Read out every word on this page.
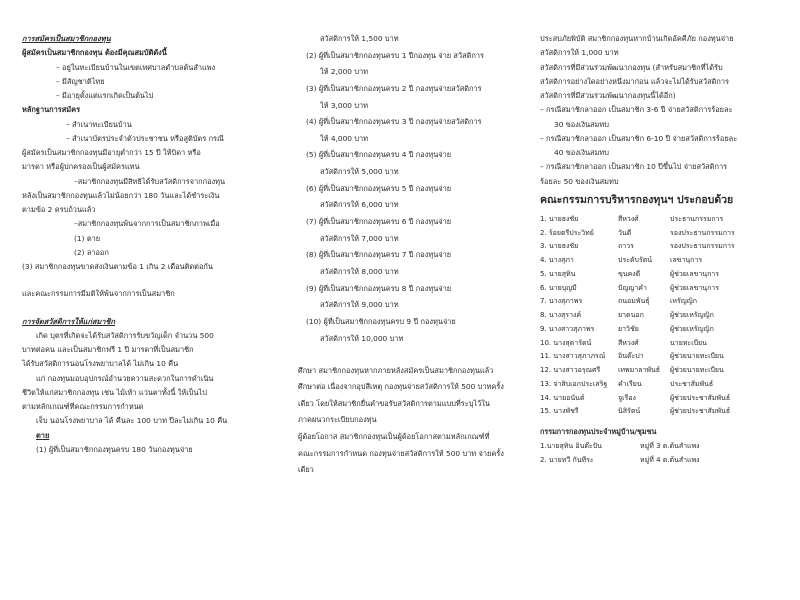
การสมัครเป็นสมาชิกกองทุน
ผู้สมัครเป็นสมาชิกกองทุน ต้องมีคุณสมบัติดังนี้
– อยู่ในทะเบียนบ้านในเขตเทศบาลตำบลต้นสำแพง
– มีสัญชาติไทย
– มีอายุตั้งแต่แรกเกิดเป็นต้นไป
หลักฐานการสมัคร
– สำเนาทะเบียนบ้าน
– สำเนาบัตรประจำตัวประชาชน หรือสูติบัตร กรณี
ผู้สมัครเป็นสมาชิกกองทุนมีอายุต่ำกว่า 15 ปี ให้บิดา หรือ
มารดา หรือผู้ปกครองเป็นผู้สมัครแทน
–สมาชิกกองทุนมีสิทธิได้รับสวัสดิการจากกองทุน
หลังเป็นสมาชิกกองทุนแล้วไม่น้อยกว่า 180 วันและได้ชำระเงิน
ตามข้อ 2 ครบถ้วนแล้ว
–สมาชิกกองทุนพ้นจากการเป็นสมาชิกภาพเมื่อ
(1) ตาย
(2) ลาออก
(3) สมาชิกกองทุนขาดส่งเงินตามข้อ 1 เกิน 2 เดือนติดต่อกัน
และคณะกรรมการมีมติให้พ้นจากการเป็นสมาชิก
การจัดสวัสดิการให้แก่สมาชิก
เกิด บุตรที่เกิดจะได้รับสวัสดิการรับขวัญเด็ก จำนวน 500
บาทต่อคน และเป็นสมาชิกฟรี 1 ปี มารดาที่เป็นสมาชิก
ได้รับสวัสดิการนอนโรงพยาบาลได้ ไม่เกิน 10 คืน
แก่ กองทุนมอบอุปกรณ์อำนวยความสะดวกในการดำเนิน
ชีวิตให้แก่สมาชิกกองทุน เช่น ไม้เท้า แว่นตาทั้งนี้ ให้เป็นไป
ตามหลักเกณฑ์ที่คณะกรรมการกำหนด
เจ็บ นอนโรงพยาบาล ได้ คืนละ 100 บาท ปีละไม่เกิน 10 คืน
ตาย
(1) ผู้ที่เป็นสมาชิกกองทุนครบ 180 วันกองทุนจ่าย
สวัสดิการให้ 1,500 บาท
(2) ผู้ที่เป็นสมาชิกกองทุนครบ 1 ปีกองทุน จ่าย สวัสดิการ
ให้ 2,000 บาท
(3) ผู้ที่เป็นสมาชิกกองทุนครบ 2 ปี กองทุนจ่ายสวัสดิการ
ให้ 3,000 บาท
(4) ผู้ที่เป็นสมาชิกกองทุนครบ 3 ปี กองทุนจ่ายสวัสดิการ
ให้ 4,000 บาท
(5) ผู้ที่เป็นสมาชิกกองทุนครบ 4 ปี กองทุนจ่าย
สวัสดิการให้ 5,000 บาท
(6) ผู้ที่เป็นสมาชิกกองทุนครบ 5 ปี กองทุนจ่าย
สวัสดิการให้ 6,000 บาท
(7) ผู้ที่เป็นสมาชิกกองทุนครบ 6 ปี กองทุนจ่าย
สวัสดิการให้ 7,000 บาท
(8) ผู้ที่เป็นสมาชิกกองทุนครบ 7 ปี กองทุนจ่าย
สวัสดิการให้ 8,000 บาท
(9) ผู้ที่เป็นสมาชิกกองทุนครบ 8 ปี กองทุนจ่าย
สวัสดิการให้ 9,000 บาท
(10) ผู้ที่เป็นสมาชิกกองทุนครบ 9 ปี กองทุนจ่าย
สวัสดิการให้ 10,000 บาท
ศึกษา สมาชิกกองทุนหากภายหลังสมัครเป็นสมาชิกกองทุนแล้ว
ศึกษาต่อ เนื่องจากอุปสีเหตุ กองทุนจ่ายสวัสดิการให้ 500 บาทครั้ง
เดียว โดยให้สมาชิกยื่นคำขอรับสวัสดิการตามแบบที่ระบุไว้ใน
ภาคผนวกระเบียบกองทุน
ผู้ด้อยโอกาส สมาชิกกองทุนเป็นผู้ด้อยโอกาสตามหลักเกณฑ์ที่
คณะกรรมการกำหนด กองทุนจ่ายสวัสดิการให้ 500 บาท จ่ายครั้ง
เดียว
ประสบภัยพิบัติ สมาชิกกองทุนหากบ้านเกิดอัคคีภัย กองทุนจ่าย
สวัสดิการให้ 1,000 บาท
สวัสดิการที่มีส่วนร่วมพัฒนากองทุน (สำหรับสมาชิกที่ได้รับ
สวัสดิการอย่างใดอย่างหนึ่งมาก่อน แล้วจะไม่ได้รับสวัสดิการ
สวัสดิการที่มีส่วนร่วมพัฒนากองทุนนี้ได้อีก)
– กรณีสมาชิกลาออก เป็นสมาชิก 3-6 ปี จ่ายสวัสดิการร้อยละ
30 ของเงินสมทบ
– กรณีสมาชิกลาออก เป็นสมาชิก 6-10 ปี จ่ายสวัสดิการร้อยละ
40 ของเงินสมทบ
– กรณีสมาชิกลาออก เป็นสมาชิก 10 ปีขึ้นไป จ่ายสวัสดิการ
ร้อยละ 50 ของเงินสมทบ
คณะกรรมการบริหารกองทุนฯ ประกอบด้วย
1. นายธงชัย	สีหวงศ์	ประธานกรรมการ
2. ร้อยตรีประวิทย์	วันดี	รองประธานกรรมการ
3. นายธงชัย	ถาวร	รองประธานกรรมการ
4. นางสุภา	ประดับรัตน์	เลขานุการ
5. นายสุทิน	ขุนคงดี	ผู้ช่วยเลขานุการ
6. นายบุญมี	ปัญญาคำ	ผู้ช่วยเลขานุการ
7. นางสุภาพร	ถนอมพันธุ์	เหรัญญิก
8. นางสุรางค์	ยาดนอก	ผู้ช่วยเหรัญญิก
9. นางสาวสุภาพร	ยาวิชัย	ผู้ช่วยเหรัญญิก
10. นางสุดารัตน์	สีหวงศ์	นายทะเบียน
11. นางสาวสุภาภรณ์	อินต๊ะปา	ผู้ช่วยนายทะเบียน
12. นางสาวอรุณศรี	เทพมาลาพันธ์	ผู้ช่วยนายทะเบียน
13. จ่าสิบเอกประเสริฐ	คำเรียน	ประชาสัมพันธ์
14. นายอนันต์	จูเรือง	ผู้ช่วยประชาสัมพันธ์
15. นางพัชรี	นิสิรัตน์	ผู้ช่วยประชาสัมพันธ์
กรรมการกองทุนประจำหมู่บ้าน/ชุมชน
1.นายสุทิน อินต๊ะปัน	หมู่ที่ 3 ต.ต้นสำแพง
2. นายทวี กันทีระ	หมู่ที่ 4 ต.ต้นสำแพง
